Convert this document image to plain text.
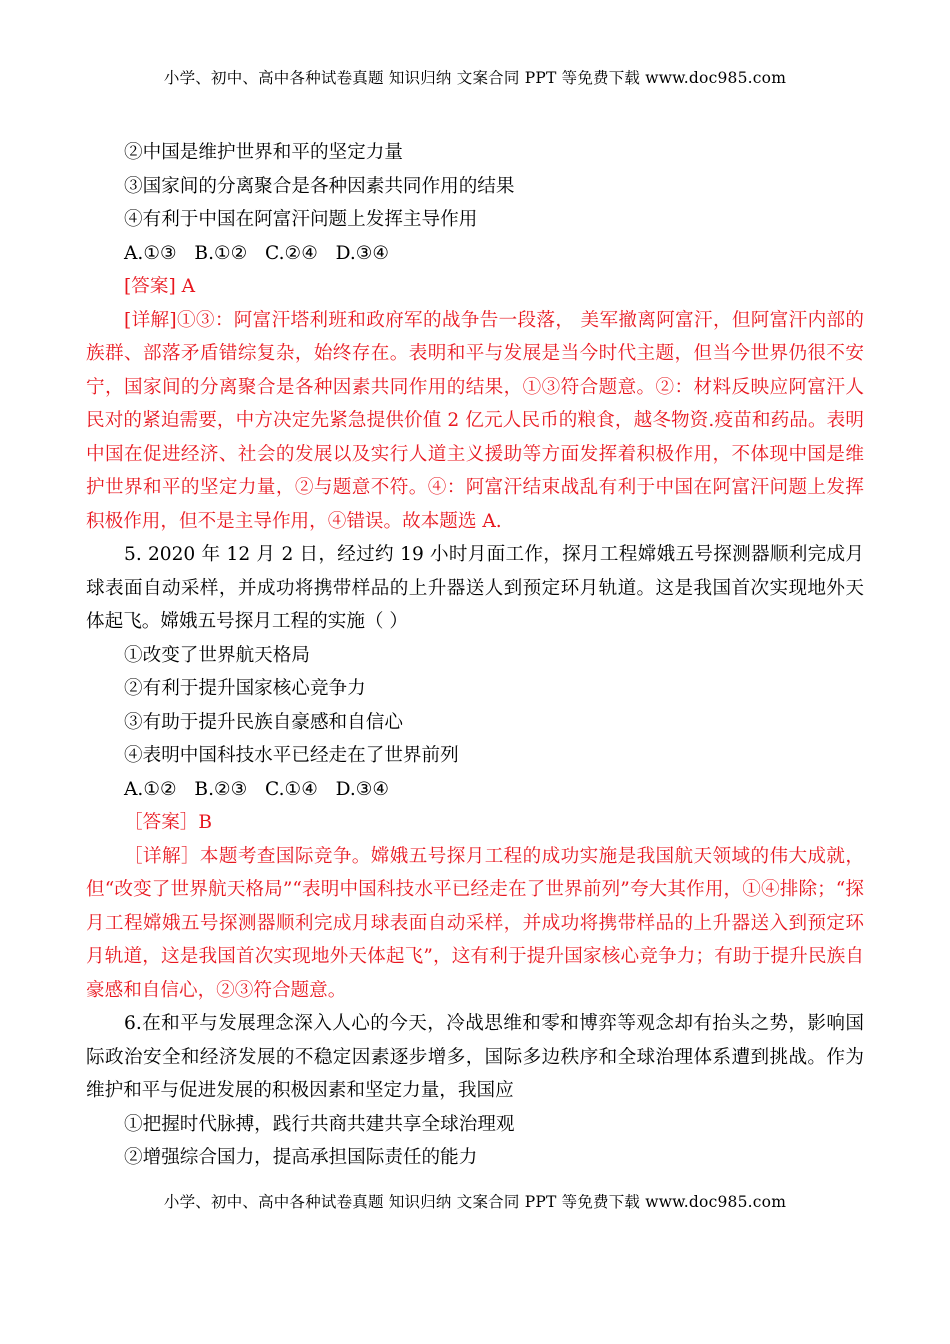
小学、初中、高中各种试卷真题 知识归纳 文案合同 PPT 等免费下载 www.doc985.com

②中国是维护世界和平的坚定力量

③国家间的分离聚合是各种因素共同作用的结果

④有利于中国在阿富汗问题上发挥主导作用

A.①③   B.①②   C.②④   D.③④

[答案] A

[详解]①③：阿富汗塔利班和政府军的战争告一段落， 美军撤离阿富汗，但阿富汗内部的族群、部落矛盾错综复杂，始终存在。表明和平与发展是当今时代主题，但当今世界仍很不安宁，国家间的分离聚合是各种因素共同作用的结果，①③符合题意。②：材料反映应阿富汗人民对的紧迫需要，中方决定先紧急提供价值 2 亿元人民币的粮食，越冬物资.疫苗和药品。表明中国在促进经济、社会的发展以及实行人道主义援助等方面发挥着积极作用，不体现中国是维护世界和平的坚定力量，②与题意不符。④：阿富汗结束战乱有利于中国在阿富汗问题上发挥积极作用，但不是主导作用，④错误。故本题选 A.

5. 2020 年 12 月 2 日，经过约 19 小时月面工作，探月工程嫦娥五号探测器顺利完成月球表面自动采样，并成功将携带样品的上升器送人到预定环月轨道。这是我国首次实现地外天体起飞。嫦娥五号探月工程的实施（ ）

①改变了世界航天格局

②有利于提升国家核心竞争力

③有助于提升民族自豪感和自信心

④表明中国科技水平已经走在了世界前列

A.①②   B.②③   C.①④   D.③④

［答案］B

［详解］本题考查国际竞争。嫦娥五号探月工程的成功实施是我国航天领域的伟大成就，但“改变了世界航天格局”“表明中国科技水平已经走在了世界前列”夸大其作用，①④排除；“探月工程嫦娥五号探测器顺利完成月球表面自动采样，并成功将携带样品的上升器送入到预定环月轨道，这是我国首次实现地外天体起飞”，这有利于提升国家核心竞争力；有助于提升民族自豪感和自信心，②③符合题意。

6.在和平与发展理念深入人心的今天，冷战思维和零和博弈等观念却有抬头之势，影响国际政治安全和经济发展的不稳定因素逐步增多，国际多边秩序和全球治理体系遭到挑战。作为维护和平与促进发展的积极因素和坚定力量，我国应

①把握时代脉搏，践行共商共建共享全球治理观

②增强综合国力，提高承担国际责任的能力

小学、初中、高中各种试卷真题 知识归纳 文案合同 PPT 等免费下载 www.doc985.com
